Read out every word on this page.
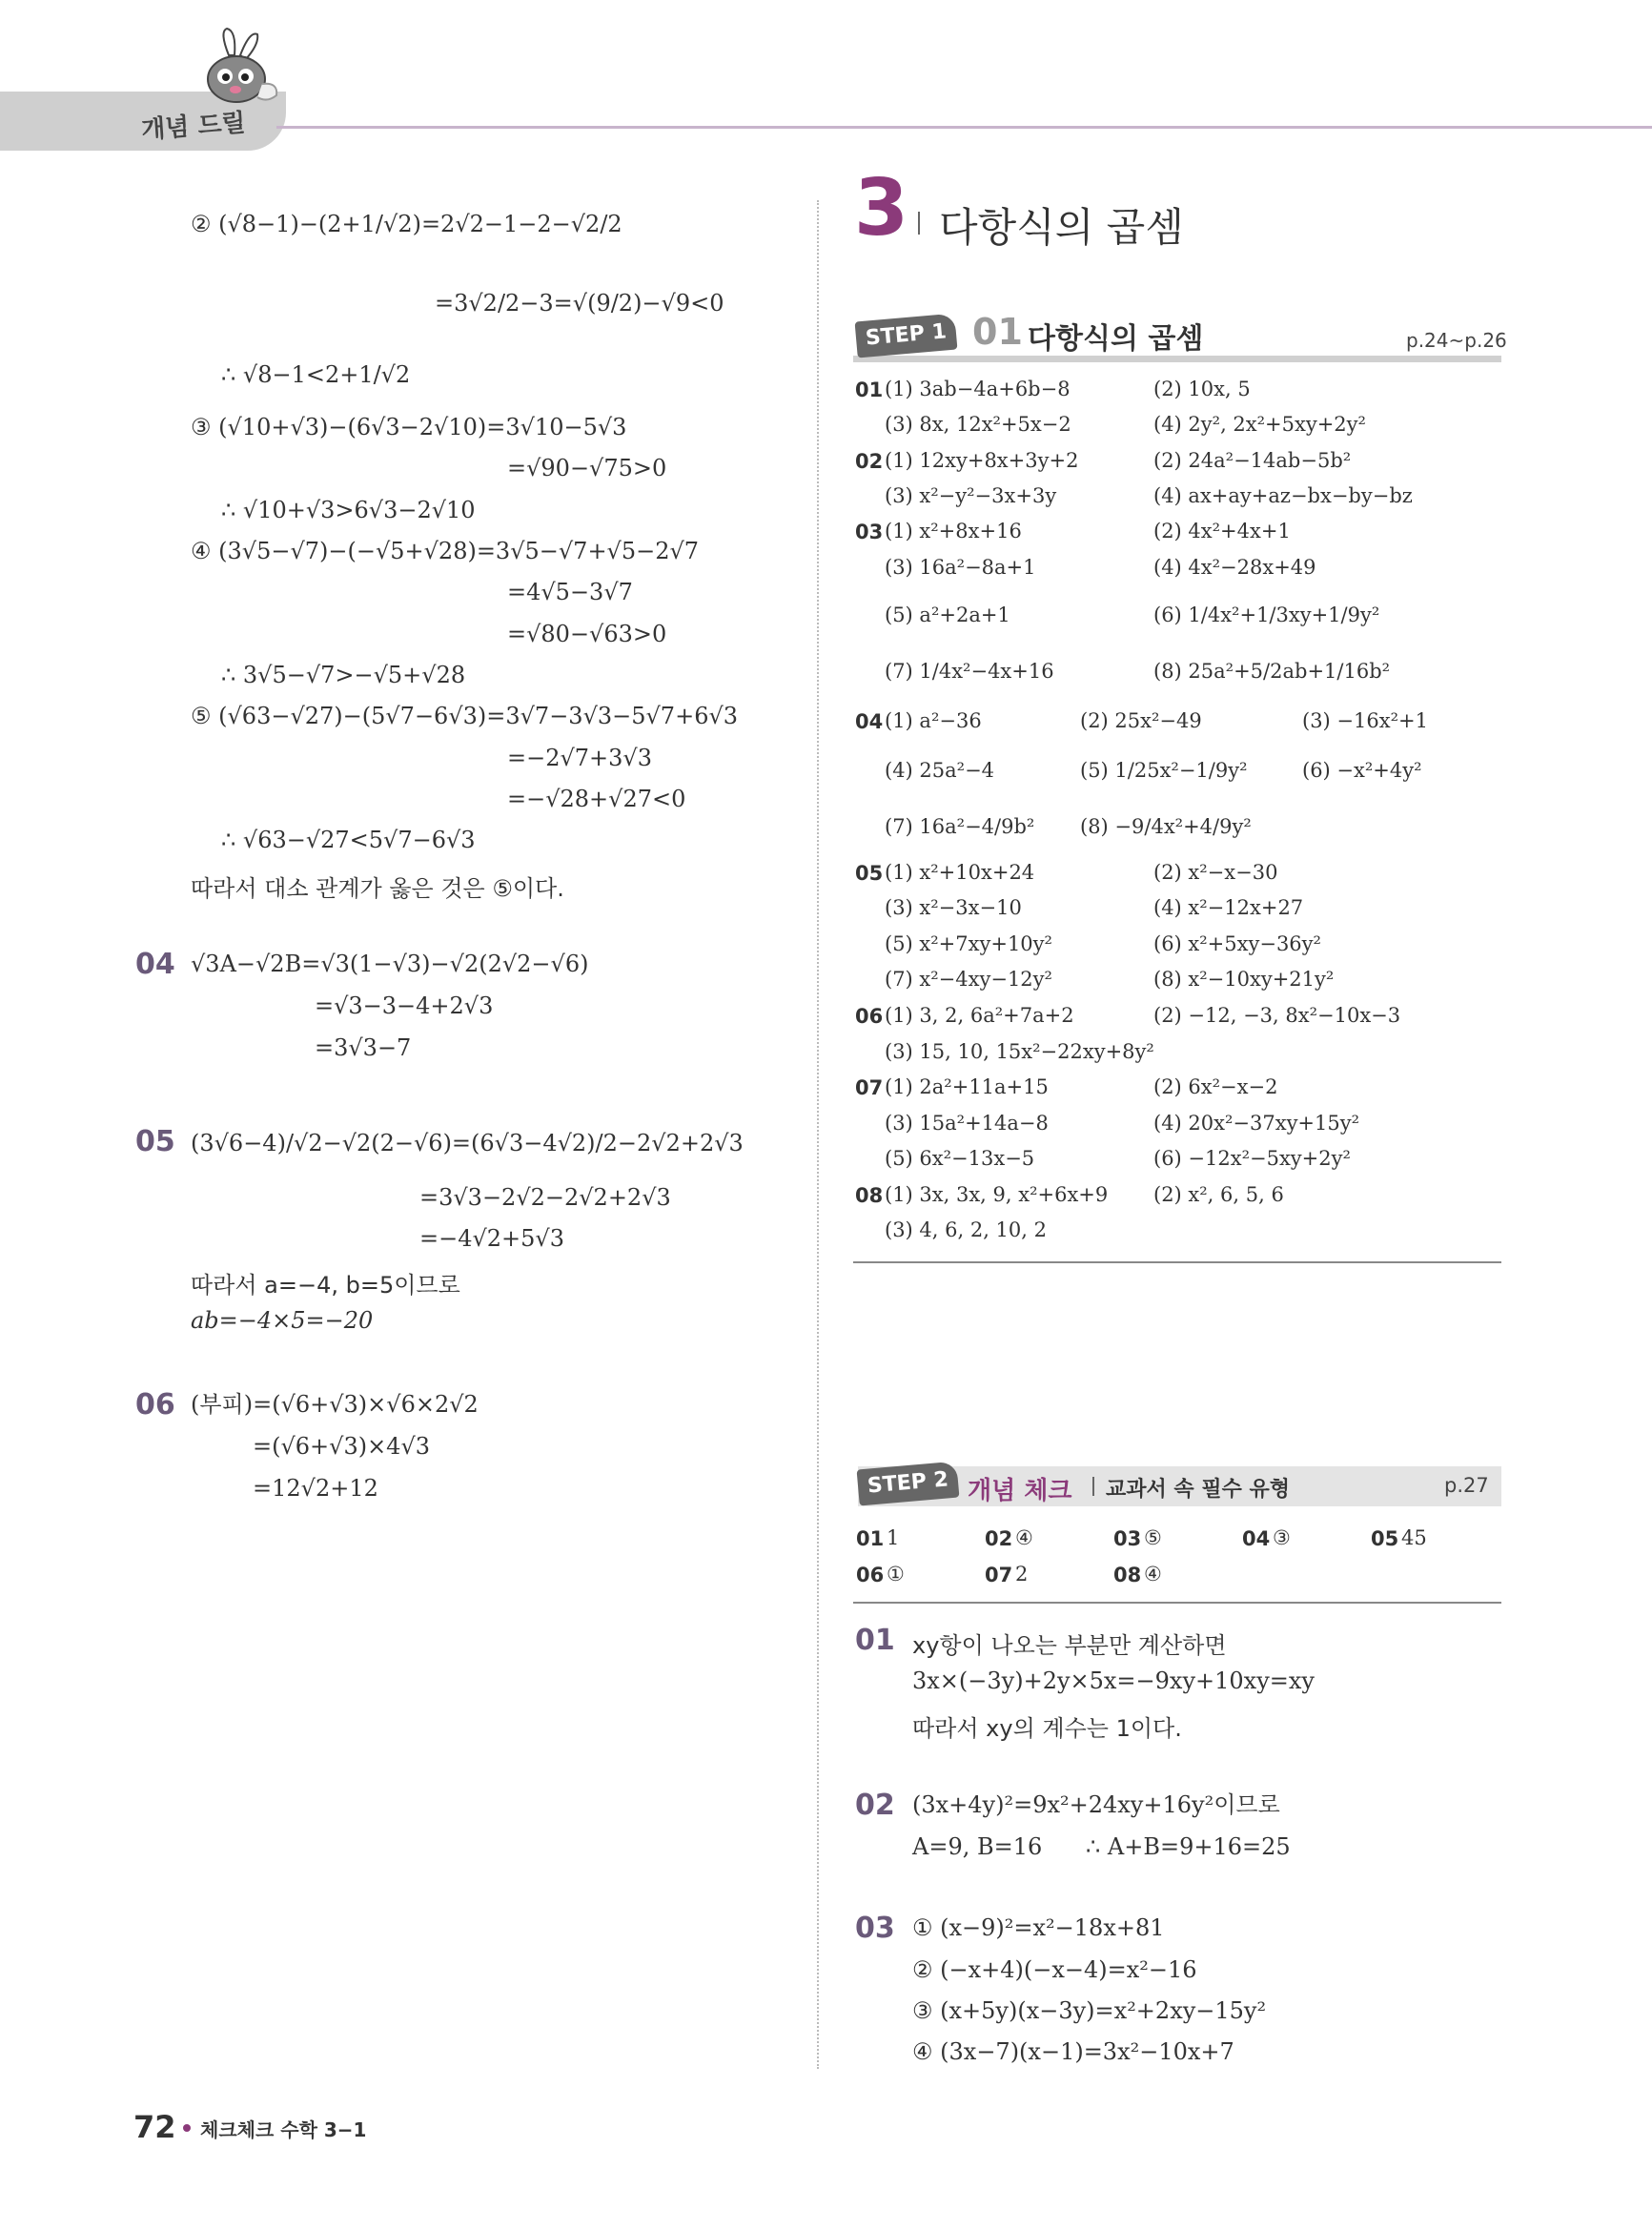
개념 드릴
② (√8−1)−(2+1/√2)=2√2−1−2−√2/2
=3√2/2−3=√(9/2)−√9<0
∴ √8−1<2+1/√2
③ (√10+√3)−(6√3−2√10)=3√10−5√3
=√90−√75>0
∴ √10+√3>6√3−2√10
④ (3√5−√7)−(−√5+√28)=3√5−√7+√5−2√7
=4√5−3√7
=√80−√63>0
∴ 3√5−√7>−√5+√28
⑤ (√63−√27)−(5√7−6√3)=3√7−3√3−5√7+6√3
=−2√7+3√3
=−√28+√27<0
∴ √63−√27<5√7−6√3
따라서 대소 관계가 옳은 것은 ⑤이다.
04 √3A−√2B=√3(1−√3)−√2(2√2−√6)
=√3−3−4+2√3
=3√3−7
05 (3√6−4)/√2−√2(2−√6)=(6√3−4√2)/2−2√2+2√3
=3√3−2√2−2√2+2√3
=−4√2+5√3
따라서 a=−4, b=5이므로
ab=−4×5=−20
06 (부피)=(√6+√3)×√6×2√2
=(√6+√3)×4√3
=12√2+12
3 다항식의 곱셈
STEP 1 01 다항식의 곱셈	p.24~p.26
01 (1) 3ab−4a+6b−8	(2) 10x, 5
(3) 8x, 12x²+5x−2	(4) 2y², 2x²+5xy+2y²
02 (1) 12xy+8x+3y+2	(2) 24a²−14ab−5b²
(3) x²−y²−3x+3y	(4) ax+ay+az−bx−by−bz
03 (1) x²+8x+16	(2) 4x²+4x+1
(3) 16a²−8a+1	(4) 4x²−28x+49
(5) a²+2a+1	(6) 1/4x²+1/3xy+1/9y²
(7) 1/4x²−4x+16	(8) 25a²+5/2ab+1/16b²
04 (1) a²−36	(2) 25x²−49	(3) −16x²+1
(4) 25a²−4	(5) 1/25x²−1/9y²	(6) −x²+4y²
(7) 16a²−4/9b² (8) −9/4x²+4/9y²
05 (1) x²+10x+24	(2) x²−x−30
(3) x²−3x−10	(4) x²−12x+27
(5) x²+7xy+10y²	(6) x²+5xy−36y²
(7) x²−4xy−12y²	(8) x²−10xy+21y²
06 (1) 3, 2, 6a²+7a+2	(2) −12, −3, 8x²−10x−3
(3) 15, 10, 15x²−22xy+8y²
07 (1) 2a²+11a+15	(2) 6x²−x−2
(3) 15a²+14a−8	(4) 20x²−37xy+15y²
(5) 6x²−13x−5	(6) −12x²−5xy+2y²
08 (1) 3x, 3x, 9, x²+6x+9 (2) x², 6, 5, 6
(3) 4, 6, 2, 10, 2
STEP 2 개념 체크 교과서 속 필수 유형	p.27
01 1	02 ④	03 ⑤	04 ③	05 45
06 ①	07 2	08 ④
01 xy항이 나오는 부분만 계산하면
3x×(−3y)+2y×5x=−9xy+10xy=xy
따라서 xy의 계수는 1이다.
02 (3x+4y)²=9x²+24xy+16y²이므로
A=9, B=16      ∴ A+B=9+16=25
03 ① (x−9)²=x²−18x+81
② (−x+4)(−x−4)=x²−16
③ (x+5y)(x−3y)=x²+2xy−15y²
④ (3x−7)(x−1)=3x²−10x+7
72 체크체크 수학 3−1
